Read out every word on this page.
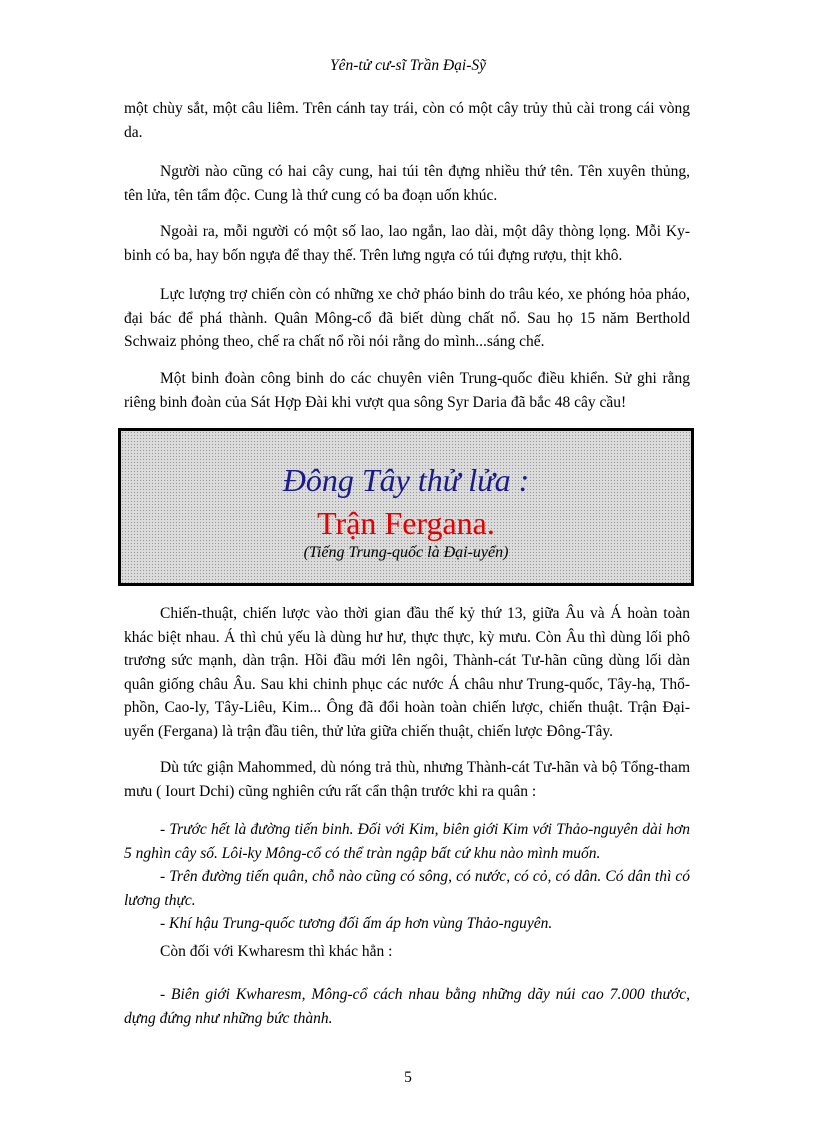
Yên-tử cư-sĩ Trần Đại-Sỹ

một chùy sắt, một câu liêm. Trên cánh tay trái, còn có một cây trủy thủ cài trong cái vòng da.

Người nào cũng có hai cây cung, hai túi tên đựng nhiều thứ tên. Tên xuyên thủng, tên lửa, tên tẩm độc. Cung là thứ cung có ba đoạn uốn khúc.

Ngoài ra, mỗi người có một số lao, lao ngắn, lao dài, một dây thòng lọng. Mỗi Ky-binh có ba, hay bốn ngựa để thay thế. Trên lưng ngựa có túi đựng rượu, thịt khô.

Lực lượng trợ chiến còn có những xe chở pháo binh do trâu kéo, xe phóng hỏa pháo, đại bác để phá thành. Quân Mông-cổ đã biết dùng chất nổ. Sau họ 15 năm Berthold Schwaiz phỏng theo, chế ra chất nổ rồi nói rằng do mình...sáng chế.

Một binh đoàn công binh do các chuyên viên Trung-quốc điều khiển. Sử ghi rằng riêng binh đoàn của Sát Hợp Đài khi vượt qua sông Syr Daria đã bắc 48 cây cầu!

Đông Tây thử lửa :
Trận Fergana.
(Tiếng Trung-quốc là Đại-uyển)

Chiến-thuật, chiến lược vào thời gian đầu thế kỷ thứ 13, giữa Âu và Á hoàn toàn khác biệt nhau. Á thì chủ yếu là dùng hư hư, thực thực, kỳ mưu. Còn Âu thì dùng lối phô trương sức mạnh, dàn trận. Hồi đầu mới lên ngôi, Thành-cát Tư-hãn cũng dùng lối dàn quân giống châu Âu. Sau khi chinh phục các nước Á châu như Trung-quốc, Tây-hạ, Thổ-phồn, Cao-ly, Tây-Liêu, Kim... Ông đã đổi hoàn toàn chiến lược, chiến thuật. Trận Đại-uyển (Fergana) là trận đầu tiên, thử lửa giữa chiến thuật, chiến lược Đông-Tây.

Dù tức giận Mahommed, dù nóng trả thù, nhưng Thành-cát Tư-hãn và bộ Tổng-tham mưu ( Iourt Dchi) cũng nghiên cứu rất cẩn thận trước khi ra quân :

- Trước hết là đường tiến binh. Đối với Kim, biên giới Kim với Thảo-nguyên dài hơn 5 nghìn cây số. Lôi-ky Mông-cổ có thể tràn ngập bất cứ khu nào mình muốn.

- Trên đường tiến quân, chỗ nào cũng có sông, có nước, có cỏ, có dân. Có dân thì có lương thực.

- Khí hậu Trung-quốc tương đối ấm áp hơn vùng Thảo-nguyên.

Còn đối với Kwharesm thì khác hẳn :

- Biên giới Kwharesm, Mông-cổ cách nhau bằng những dãy núi cao 7.000 thước, dựng đứng như những bức thành.

5
